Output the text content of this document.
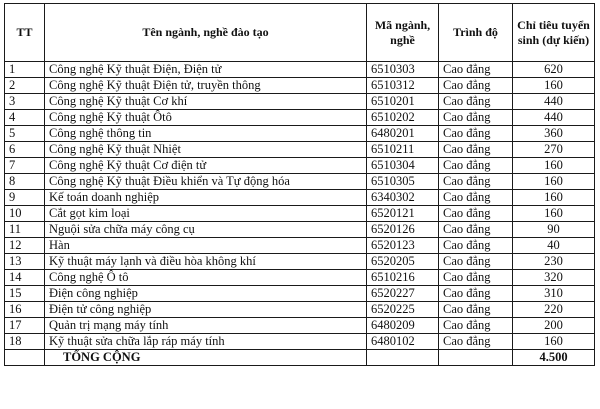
TT	Tên ngành, nghề đào tạo	Mã ngành, nghề	Trình độ	Chỉ tiêu tuyển sinh (dự kiến)
1	Công nghệ Kỹ thuật Điện, Điện tử	6510303	Cao đẳng	620
2	Công nghệ Kỹ thuật Điện tử, truyền thông	6510312	Cao đẳng	160
3	Công nghệ Kỹ thuật Cơ khí	6510201	Cao đẳng	440
4	Công nghệ Kỹ thuật Ôtô	6510202	Cao đẳng	440
5	Công nghệ thông tin	6480201	Cao đẳng	360
6	Công nghệ Kỹ thuật Nhiệt	6510211	Cao đẳng	270
7	Công nghệ Kỹ thuật Cơ điện tử	6510304	Cao đẳng	160
8	Công nghệ Kỹ thuật Điều khiển và Tự động hóa	6510305	Cao đẳng	160
9	Kế toán doanh nghiệp	6340302	Cao đẳng	160
10	Cắt gọt kim loại	6520121	Cao đẳng	160
11	Nguội sửa chữa máy công cụ	6520126	Cao đẳng	90
12	Hàn	6520123	Cao đẳng	40
13	Kỹ thuật máy lạnh và điều hòa không khí	6520205	Cao đẳng	230
14	Công nghệ Ô tô	6510216	Cao đẳng	320
15	Điện công nghiệp	6520227	Cao đẳng	310
16	Điện tử công nghiệp	6520225	Cao đẳng	220
17	Quản trị mạng máy tính	6480209	Cao đẳng	200
18	Kỹ thuật sửa chữa lắp ráp máy tính	6480102	Cao đẳng	160
	TỔNG CỘNG			4.500
